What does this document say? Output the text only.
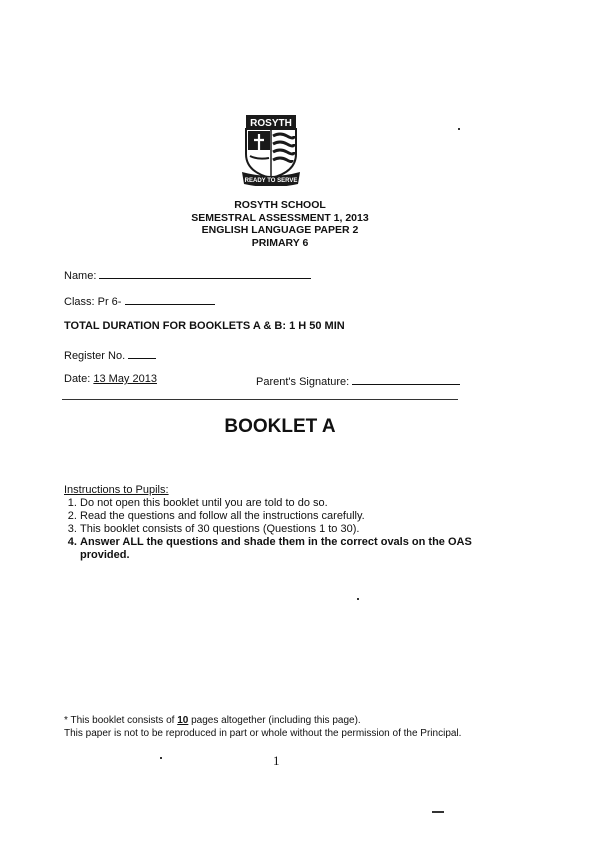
ROSYTH
READY TO SERVE
ROSYTH SCHOOL
SEMESTRAL ASSESSMENT 1, 2013
ENGLISH LANGUAGE PAPER 2
PRIMARY 6
Name:
Class: Pr 6-
TOTAL DURATION FOR BOOKLETS A & B: 1 H 50 MIN
Register No.
Date: 13 May 2013	Parent's Signature:
BOOKLET A
Instructions to Pupils:
1. Do not open this booklet until you are told to do so.
2. Read the questions and follow all the instructions carefully.
3. This booklet consists of 30 questions (Questions 1 to 30).
4. Answer ALL the questions and shade them in the correct ovals on the OAS provided.
* This booklet consists of 10 pages altogether (including this page).
This paper is not to be reproduced in part or whole without the permission of the Principal.
1
